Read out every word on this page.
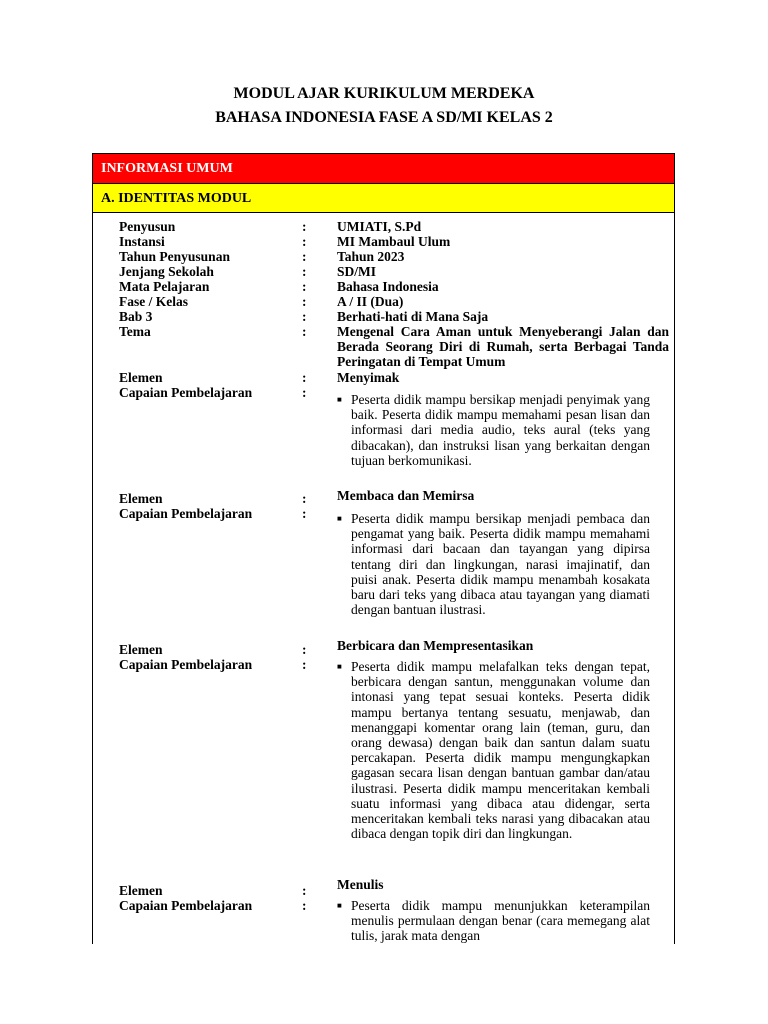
MODUL AJAR KURIKULUM MERDEKA
BAHASA INDONESIA FASE A SD/MI KELAS 2
INFORMASI UMUM
A. IDENTITAS MODUL
Penyusun	: UMIATI, S.Pd
Instansi	: MI Mambaul Ulum
Tahun Penyusunan	: Tahun 2023
Jenjang Sekolah	: SD/MI
Mata Pelajaran	: Bahasa Indonesia
Fase / Kelas	: A / II (Dua)
Bab 3	: Berhati-hati di Mana Saja
Tema	: Mengenal Cara Aman untuk Menyeberangi Jalan dan Berada Seorang Diri di Rumah, serta Berbagai Tanda Peringatan di Tempat Umum
Elemen	: Menyimak
Capaian Pembelajaran	:	■ Peserta didik mampu bersikap menjadi penyimak yang baik. Peserta didik mampu memahami pesan lisan dan informasi dari media audio, teks aural (teks yang dibacakan), dan instruksi lisan yang berkaitan dengan tujuan berkomunikasi.
Elemen	: Membaca dan Memirsa
Capaian Pembelajaran	:	■ Peserta didik mampu bersikap menjadi pembaca dan pengamat yang baik. Peserta didik mampu memahami informasi dari bacaan dan tayangan yang dipirsa tentang diri dan lingkungan, narasi imajinatif, dan puisi anak. Peserta didik mampu menambah kosakata baru dari teks yang dibaca atau tayangan yang diamati dengan bantuan ilustrasi.
Elemen	: Berbicara dan Mempresentasikan
Capaian Pembelajaran	:	■ Peserta didik mampu melafalkan teks dengan tepat, berbicara dengan santun, menggunakan volume dan intonasi yang tepat sesuai konteks. Peserta didik mampu bertanya tentang sesuatu, menjawab, dan menanggapi komentar orang lain (teman, guru, dan orang dewasa) dengan baik dan santun dalam suatu percakapan. Peserta didik mampu mengungkapkan gagasan secara lisan dengan bantuan gambar dan/atau ilustrasi. Peserta didik mampu menceritakan kembali suatu informasi yang dibaca atau didengar, serta menceritakan kembali teks narasi yang dibacakan atau dibaca dengan topik diri dan lingkungan.
Elemen	: Menulis
Capaian Pembelajaran	:	■ Peserta didik mampu menunjukkan keterampilan menulis permulaan dengan benar (cara memegang alat tulis, jarak mata dengan
